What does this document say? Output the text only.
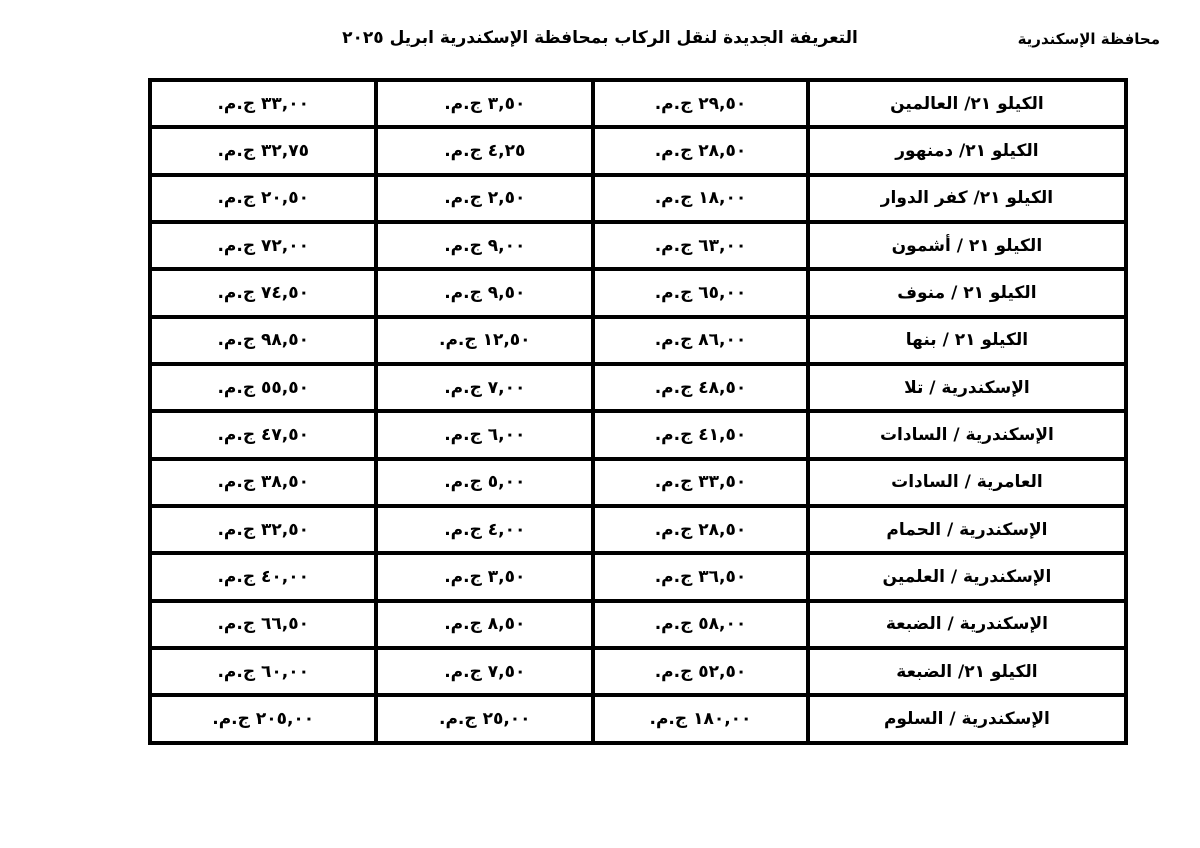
محافظة الإسكندرية
التعريفة الجديدة لنقل الركاب بمحافظة الإسكندرية ابريل ٢٠٢٥
الكيلو ٢١/ العالمين	٢٩,٥٠ ج.م.	٣,٥٠ ج.م.	٣٣,٠٠ ج.م.
الكيلو ٢١/ دمنهور	٢٨,٥٠ ج.م.	٤,٢٥ ج.م.	٣٢,٧٥ ج.م.
الكيلو ٢١/ كفر الدوار	١٨,٠٠ ج.م.	٢,٥٠ ج.م.	٢٠,٥٠ ج.م.
الكيلو ٢١ / أشمون	٦٣,٠٠ ج.م.	٩,٠٠ ج.م.	٧٢,٠٠ ج.م.
الكيلو ٢١ / منوف	٦٥,٠٠ ج.م.	٩,٥٠ ج.م.	٧٤,٥٠ ج.م.
الكيلو ٢١ / بنها	٨٦,٠٠ ج.م.	١٢,٥٠ ج.م.	٩٨,٥٠ ج.م.
الإسكندرية / تلا	٤٨,٥٠ ج.م.	٧,٠٠ ج.م.	٥٥,٥٠ ج.م.
الإسكندرية / السادات	٤١,٥٠ ج.م.	٦,٠٠ ج.م.	٤٧,٥٠ ج.م.
العامرية / السادات	٣٣,٥٠ ج.م.	٥,٠٠ ج.م.	٣٨,٥٠ ج.م.
الإسكندرية / الحمام	٢٨,٥٠ ج.م.	٤,٠٠ ج.م.	٣٢,٥٠ ج.م.
الإسكندرية / العلمين	٣٦,٥٠ ج.م.	٣,٥٠ ج.م.	٤٠,٠٠ ج.م.
الإسكندرية / الضبعة	٥٨,٠٠ ج.م.	٨,٥٠ ج.م.	٦٦,٥٠ ج.م.
الكيلو ٢١/ الضبعة	٥٢,٥٠ ج.م.	٧,٥٠ ج.م.	٦٠,٠٠ ج.م.
الإسكندرية / السلوم	١٨٠,٠٠ ج.م.	٢٥,٠٠ ج.م.	٢٠٥,٠٠ ج.م.
